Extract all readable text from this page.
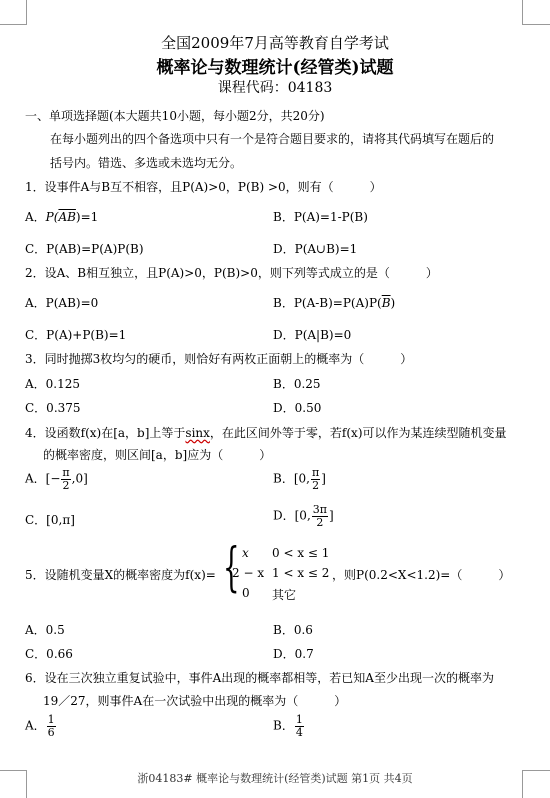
全国2009年7月高等教育自学考试
概率论与数理统计(经管类)试题
课程代码：04183
一、单项选择题(本大题共10小题，每小题2分，共20分)
在每小题列出的四个备选项中只有一个是符合题目要求的，请将其代码填写在题后的
括号内。错选、多选或未选均无分。
1．设事件A与B互不相容，且P(A)>0，P(B) >0，则有（　　　）
A．$P(\overline{AB})=1$	B．P(A)=1-P(B)
C．P(AB)=P(A)P(B)	D．P(A∪B)=1
2．设A、B相互独立，且P(A)>0，P(B)>0，则下列等式成立的是（　　　）
A．P(AB)=0	B．$P(A-B)=P(A)P(\overline{B})$
C．P(A)+P(B)=1	D．P(A|B)=0
3．同时抛掷3枚均匀的硬币，则恰好有两枚正面朝上的概率为（　　　）
A．0.125	B．0.25
C．0.375	D．0.50
4．设函数f(x)在[a，b]上等于sinx，在此区间外等于零，若f(x)可以作为某连续型随机变量
的概率密度，则区间[a，b]应为（　　　）
A．[− $\frac{\pi}{2} ,0$]	B．[0, $\frac{\pi}{2}$ ]
C．[0,π]	D．[0, $\frac{3\pi}{2}$ ]
5．设随机变量X的概率密度为f(x)= { x 0 < x ≤ 1
2 − x 1 < x ≤ 2
0 其它
，则P(0.2<X<1.2)=（　　　）
A．0.5	B．0.6
C．0.66	D．0.7
6．设在三次独立重复试验中，事件A出现的概率都相等，若已知A至少出现一次的概率为
19／27，则事件A在一次试验中出现的概率为（　　　）
A． $\frac{1}{6}$	B． $\frac{1}{4}$
浙04183# 概率论与数理统计(经管类)试题 第1页 共4页
